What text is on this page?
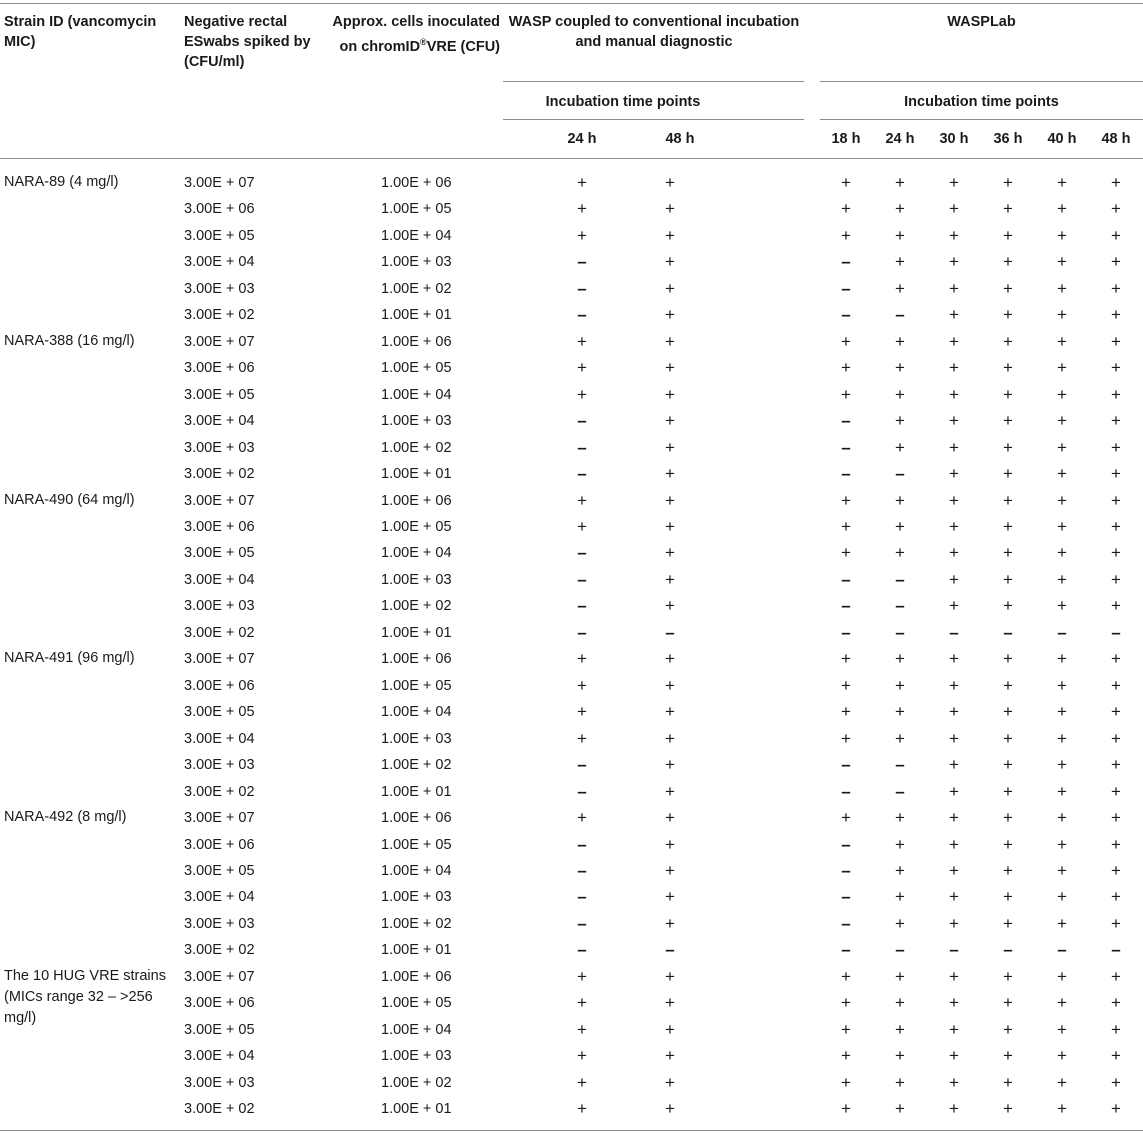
Strain ID (vancomycin MIC)
Negative rectal ESwabs spiked by (CFU/ml)
Approx. cells inoculated on chromID®VRE (CFU)
WASP coupled to conventional incubation and manual diagnostic
WASPLab
Incubation time points	Incubation time points
24 h	48 h	18 h	24 h	30 h	36 h	40 h	48 h
NARA-89 (4 mg/l)	3.00E + 07	1.00E + 06	+	+	+	+	+	+	+	+
3.00E + 06	1.00E + 05	+	+	+	+	+	+	+	+
3.00E + 05	1.00E + 04	+	+	+	+	+	+	+	+
3.00E + 04	1.00E + 03	–	+	–	+	+	+	+	+
3.00E + 03	1.00E + 02	–	+	–	+	+	+	+	+
3.00E + 02	1.00E + 01	–	+	–	–	+	+	+	+
NARA-388 (16 mg/l)	3.00E + 07	1.00E + 06	+	+	+	+	+	+	+	+
3.00E + 06	1.00E + 05	+	+	+	+	+	+	+	+
3.00E + 05	1.00E + 04	+	+	+	+	+	+	+	+
3.00E + 04	1.00E + 03	–	+	–	+	+	+	+	+
3.00E + 03	1.00E + 02	–	+	–	+	+	+	+	+
3.00E + 02	1.00E + 01	–	+	–	–	+	+	+	+
NARA-490 (64 mg/l)	3.00E + 07	1.00E + 06	+	+	+	+	+	+	+	+
3.00E + 06	1.00E + 05	+	+	+	+	+	+	+	+
3.00E + 05	1.00E + 04	–	+	+	+	+	+	+	+
3.00E + 04	1.00E + 03	–	+	–	–	+	+	+	+
3.00E + 03	1.00E + 02	–	+	–	–	+	+	+	+
3.00E + 02	1.00E + 01	–	–	–	–	–	–	–	–
NARA-491 (96 mg/l)	3.00E + 07	1.00E + 06	+	+	+	+	+	+	+	+
3.00E + 06	1.00E + 05	+	+	+	+	+	+	+	+
3.00E + 05	1.00E + 04	+	+	+	+	+	+	+	+
3.00E + 04	1.00E + 03	+	+	+	+	+	+	+	+
3.00E + 03	1.00E + 02	–	+	–	–	+	+	+	+
3.00E + 02	1.00E + 01	–	+	–	–	+	+	+	+
NARA-492 (8 mg/l)	3.00E + 07	1.00E + 06	+	+	+	+	+	+	+	+
3.00E + 06	1.00E + 05	–	+	–	+	+	+	+	+
3.00E + 05	1.00E + 04	–	+	–	+	+	+	+	+
3.00E + 04	1.00E + 03	–	+	–	+	+	+	+	+
3.00E + 03	1.00E + 02	–	+	–	+	+	+	+	+
3.00E + 02	1.00E + 01	–	–	–	–	–	–	–	–
The 10 HUG VRE strains (MICs range 32 – >256 mg/l)
3.00E + 07	1.00E + 06	+	+	+	+	+	+	+	+
3.00E + 06	1.00E + 05	+	+	+	+	+	+	+	+
3.00E + 05	1.00E + 04	+	+	+	+	+	+	+	+
3.00E + 04	1.00E + 03	+	+	+	+	+	+	+	+
3.00E + 03	1.00E + 02	+	+	+	+	+	+	+	+
3.00E + 02	1.00E + 01	+	+	+	+	+	+	+	+
